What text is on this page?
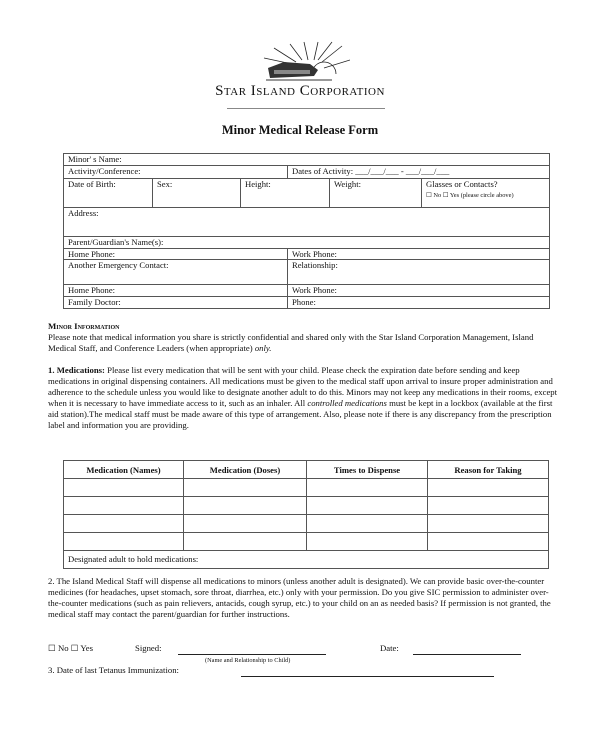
Star Island Corporation
Minor Medical Release Form
Minor' s Name:					
Activity/Conference:			Dates of Activity: ___/___/___ - ___/___/___		
Date of Birth:	Sex:	Height:		Weight:	Glasses or Contacts?
☐ No ☐ Yes (please circle above)
Address:					
Parent/Guardian's Name(s):					
Home Phone:			Work Phone:		
Another Emergency Contact:			Relationship:		
Home Phone:			Work Phone:		
Family Doctor:			Phone:		
Minor Information
Please note that medical information you share is strictly confidential and shared only with the Star Island Corporation Management, Island Medical Staff, and Conference Leaders (when appropriate) only.
1. Medications: Please list every medication that will be sent with your child. Please check the expiration date before sending and keep medications in original dispensing containers. All medications must be given to the medical staff upon arrival to insure proper administration and adherence to the schedule unless you would like to designate another adult to do this. Minors may not keep any medications in their rooms, except when it is necessary to have immediate access to it, such as an inhaler. All controlled medications must be kept in a lockbox (available at the first aid station).The medical staff must be made aware of this type of arrangement. Also, please note if there is any discrepancy from the prescription label and information you are providing.
Medication (Names)	Medication (Doses)	Times to Dispense	Reason for Taking

Designated adult to hold medications:			
2. The Island Medical Staff will dispense all medications to minors (unless another adult is designated). We can provide basic over-the-counter medicines (for headaches, upset stomach, sore throat, diarrhea, etc.) only with your permission. Do you give SIC permission to administer over-the-counter medications (such as pain relievers, antacids, cough syrup, etc.) to your child on an as needed basis? If permission is not granted, the medical staff may contact the parent/guardian for further instructions.
☐ No ☐ Yes	Signed:
(Name and Relationship to Child)
Date:
3. Date of last Tetanus Immunization:
